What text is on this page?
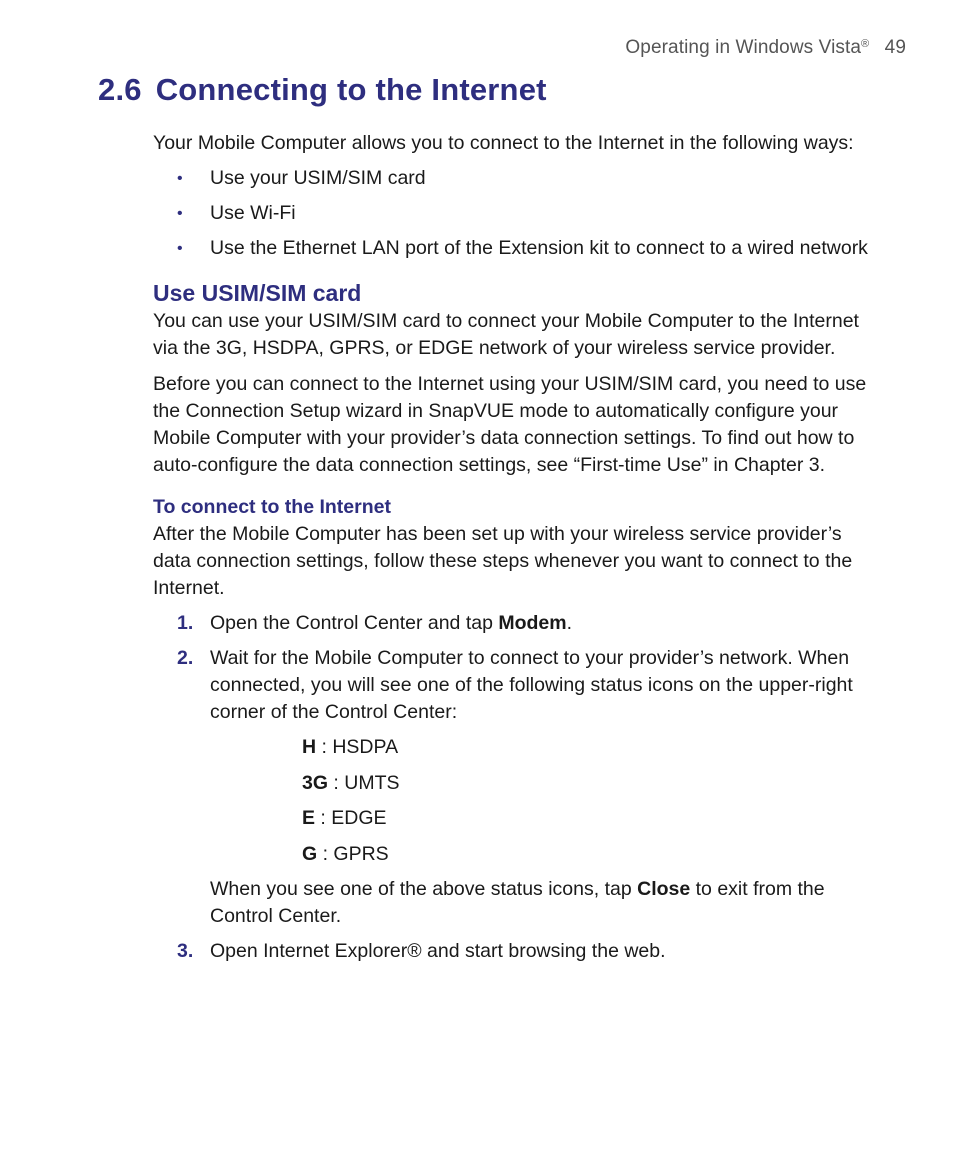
Operating in Windows Vista® 49
2.6 Connecting to the Internet

Your Mobile Computer allows you to connect to the Internet in the following ways:

• Use your USIM/SIM card
• Use Wi-Fi
• Use the Ethernet LAN port of the Extension kit to connect to a wired network
Use USIM/SIM card

You can use your USIM/SIM card to connect your Mobile Computer to the Internet via the 3G, HSDPA, GPRS, or EDGE network of your wireless service provider.

Before you can connect to the Internet using your USIM/SIM card, you need to use the Connection Setup wizard in SnapVUE mode to automatically configure your Mobile Computer with your provider’s data connection settings. To find out how to auto-configure the data connection settings, see “First-time Use” in Chapter 3.

To connect to the Internet

After the Mobile Computer has been set up with your wireless service provider’s data connection settings, follow these steps whenever you want to connect to the Internet.

1. Open the Control Center and tap Modem.
2. Wait for the Mobile Computer to connect to your provider’s network. When connected, you will see one of the following status icons on the upper-right corner of the Control Center:
H : HSDPA
3G : UMTS
E : EDGE
G : GPRS

When you see one of the above status icons, tap Close to exit from the Control Center.

3. Open Internet Explorer® and start browsing the web.
